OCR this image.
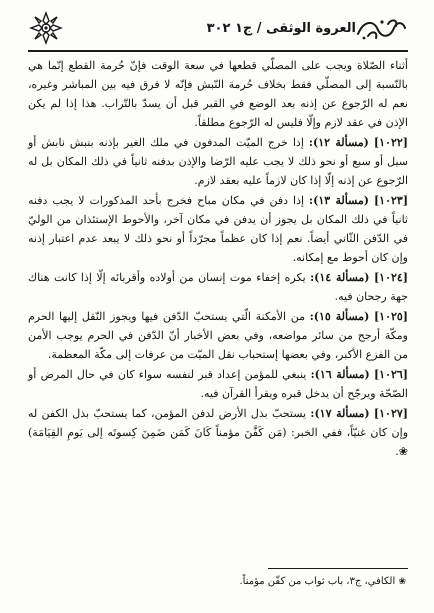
العروة الوثقى / ج١ ٣٠٢

أثناء الصّلاة ويجب على المصلّي قطعها في سعة الوقت فإنّ حُرمة القطع إنّما هي بالنّسبة إلى المصلّي فقط بخلاف حُرمة النّبش فإنّه لا فرق فيه بين المباشر وغيره، نعم له الرّجوع عن إذنه بعد الوضع في القبر قبل أن يسدّ بالتّراب. هذا إذا لم يكن الإذن في عقد لازم وإلّا فليس له الرّجوع مطلقاً.

[١٠٢٢] (مسألة ١٢): إذا خرج الميّت المدفون في ملك الغير بإذنه بنبش نابش أو سيل أو سبع أو نحو ذلك لا يجب عليه الرّضا والإذن بدفنه ثانياً في ذلك المكان بل له الرّجوع عن إذنه إلّا إذا كان لازماً عليه بعقد لازم.

[١٠٢٣] (مسألة ١٣): إذا دفن في مكان مباح فخرج بأحد المذكورات لا يجب دفنه ثانياً في ذلك المكان بل يجوز أن يدفن في مكان آخر، والأحوط الإستئذان من الوليّ في الدّفن الثّاني أيضاً. نعم إذا كان عظماً مجرّداً أو نحو ذلك لا يبعد عدم اعتبار إذنه وإن كان أحوط مع إمكانه.

[١٠٢٤] (مسألة ١٤): يكره إخفاء موت إنسان من أولاده وأقربائه إلّا إذا كانت هناك جهة رجحان فيه.

[١٠٢٥] (مسألة ١٥): من الأمكنة الّتي يستحبّ الدّفن فيها ويجوز النّقل إليها الحرم ومكّة أرجح من سائر مواضعه، وفي بعض الأخبار أنّ الدّفن في الحرم يوجب الأمن من الفزع الأكبر، وفي بعضها إستحباب نقل الميّت من عرفات إلى مكّة المعظمة.

[١٠٢٦] (مسألة ١٦): ينبغي للمؤمن إعداد قبر لنفسه سواء كان في حال المرض أو الصّحّة ويرجّح أن يدخل قبره ويقرأ القرآن فيه.

[١٠٢٧] (مسألة ١٧): يستحبّ بذل الأرض لدفن المؤمن، كما يستحبّ بذل الكفن له وإن كان غنيّاً، ففي الخبر: (مَن كَفَّنَ مؤمناً كَانَ كَمَن ضَمِنَ كِسوتَه إلى يَومِ القِيَامَة) ❀.

❀ الكافي، ج٣، باب ثواب من كفّن مؤمناً.
